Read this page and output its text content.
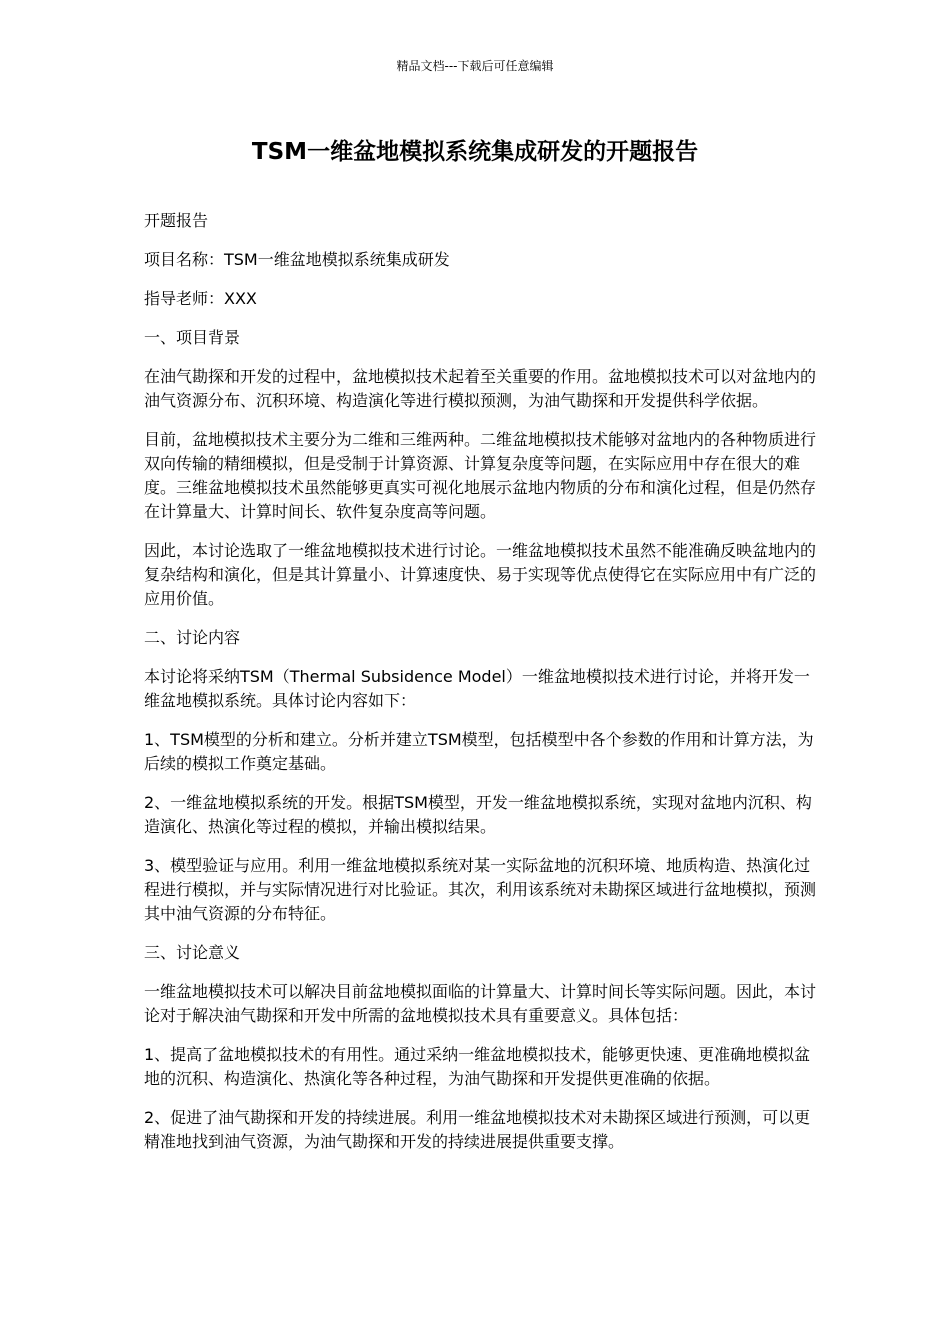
精品文档---下载后可任意编辑
TSM一维盆地模拟系统集成研发的开题报告

开题报告

项目名称：TSM一维盆地模拟系统集成研发

指导老师：XXX

一、项目背景

在油气勘探和开发的过程中，盆地模拟技术起着至关重要的作用。盆地模拟技术可以对盆地内的油气资源分布、沉积环境、构造演化等进行模拟预测，为油气勘探和开发提供科学依据。

目前，盆地模拟技术主要分为二维和三维两种。二维盆地模拟技术能够对盆地内的各种物质进行双向传输的精细模拟，但是受制于计算资源、计算复杂度等问题，在实际应用中存在很大的难度。三维盆地模拟技术虽然能够更真实可视化地展示盆地内物质的分布和演化过程，但是仍然存在计算量大、计算时间长、软件复杂度高等问题。

因此，本讨论选取了一维盆地模拟技术进行讨论。一维盆地模拟技术虽然不能准确反映盆地内的复杂结构和演化，但是其计算量小、计算速度快、易于实现等优点使得它在实际应用中有广泛的应用价值。

二、讨论内容

本讨论将采纳TSM（Thermal Subsidence Model）一维盆地模拟技术进行讨论，并将开发一维盆地模拟系统。具体讨论内容如下：

1、TSM模型的分析和建立。分析并建立TSM模型，包括模型中各个参数的作用和计算方法，为后续的模拟工作奠定基础。

2、一维盆地模拟系统的开发。根据TSM模型，开发一维盆地模拟系统，实现对盆地内沉积、构造演化、热演化等过程的模拟，并输出模拟结果。

3、模型验证与应用。利用一维盆地模拟系统对某一实际盆地的沉积环境、地质构造、热演化过程进行模拟，并与实际情况进行对比验证。其次，利用该系统对未勘探区域进行盆地模拟，预测其中油气资源的分布特征。

三、讨论意义

一维盆地模拟技术可以解决目前盆地模拟面临的计算量大、计算时间长等实际问题。因此，本讨论对于解决油气勘探和开发中所需的盆地模拟技术具有重要意义。具体包括：

1、提高了盆地模拟技术的有用性。通过采纳一维盆地模拟技术，能够更快速、更准确地模拟盆地的沉积、构造演化、热演化等各种过程，为油气勘探和开发提供更准确的依据。

2、促进了油气勘探和开发的持续进展。利用一维盆地模拟技术对未勘探区域进行预测，可以更精准地找到油气资源，为油气勘探和开发的持续进展提供重要支撑。
